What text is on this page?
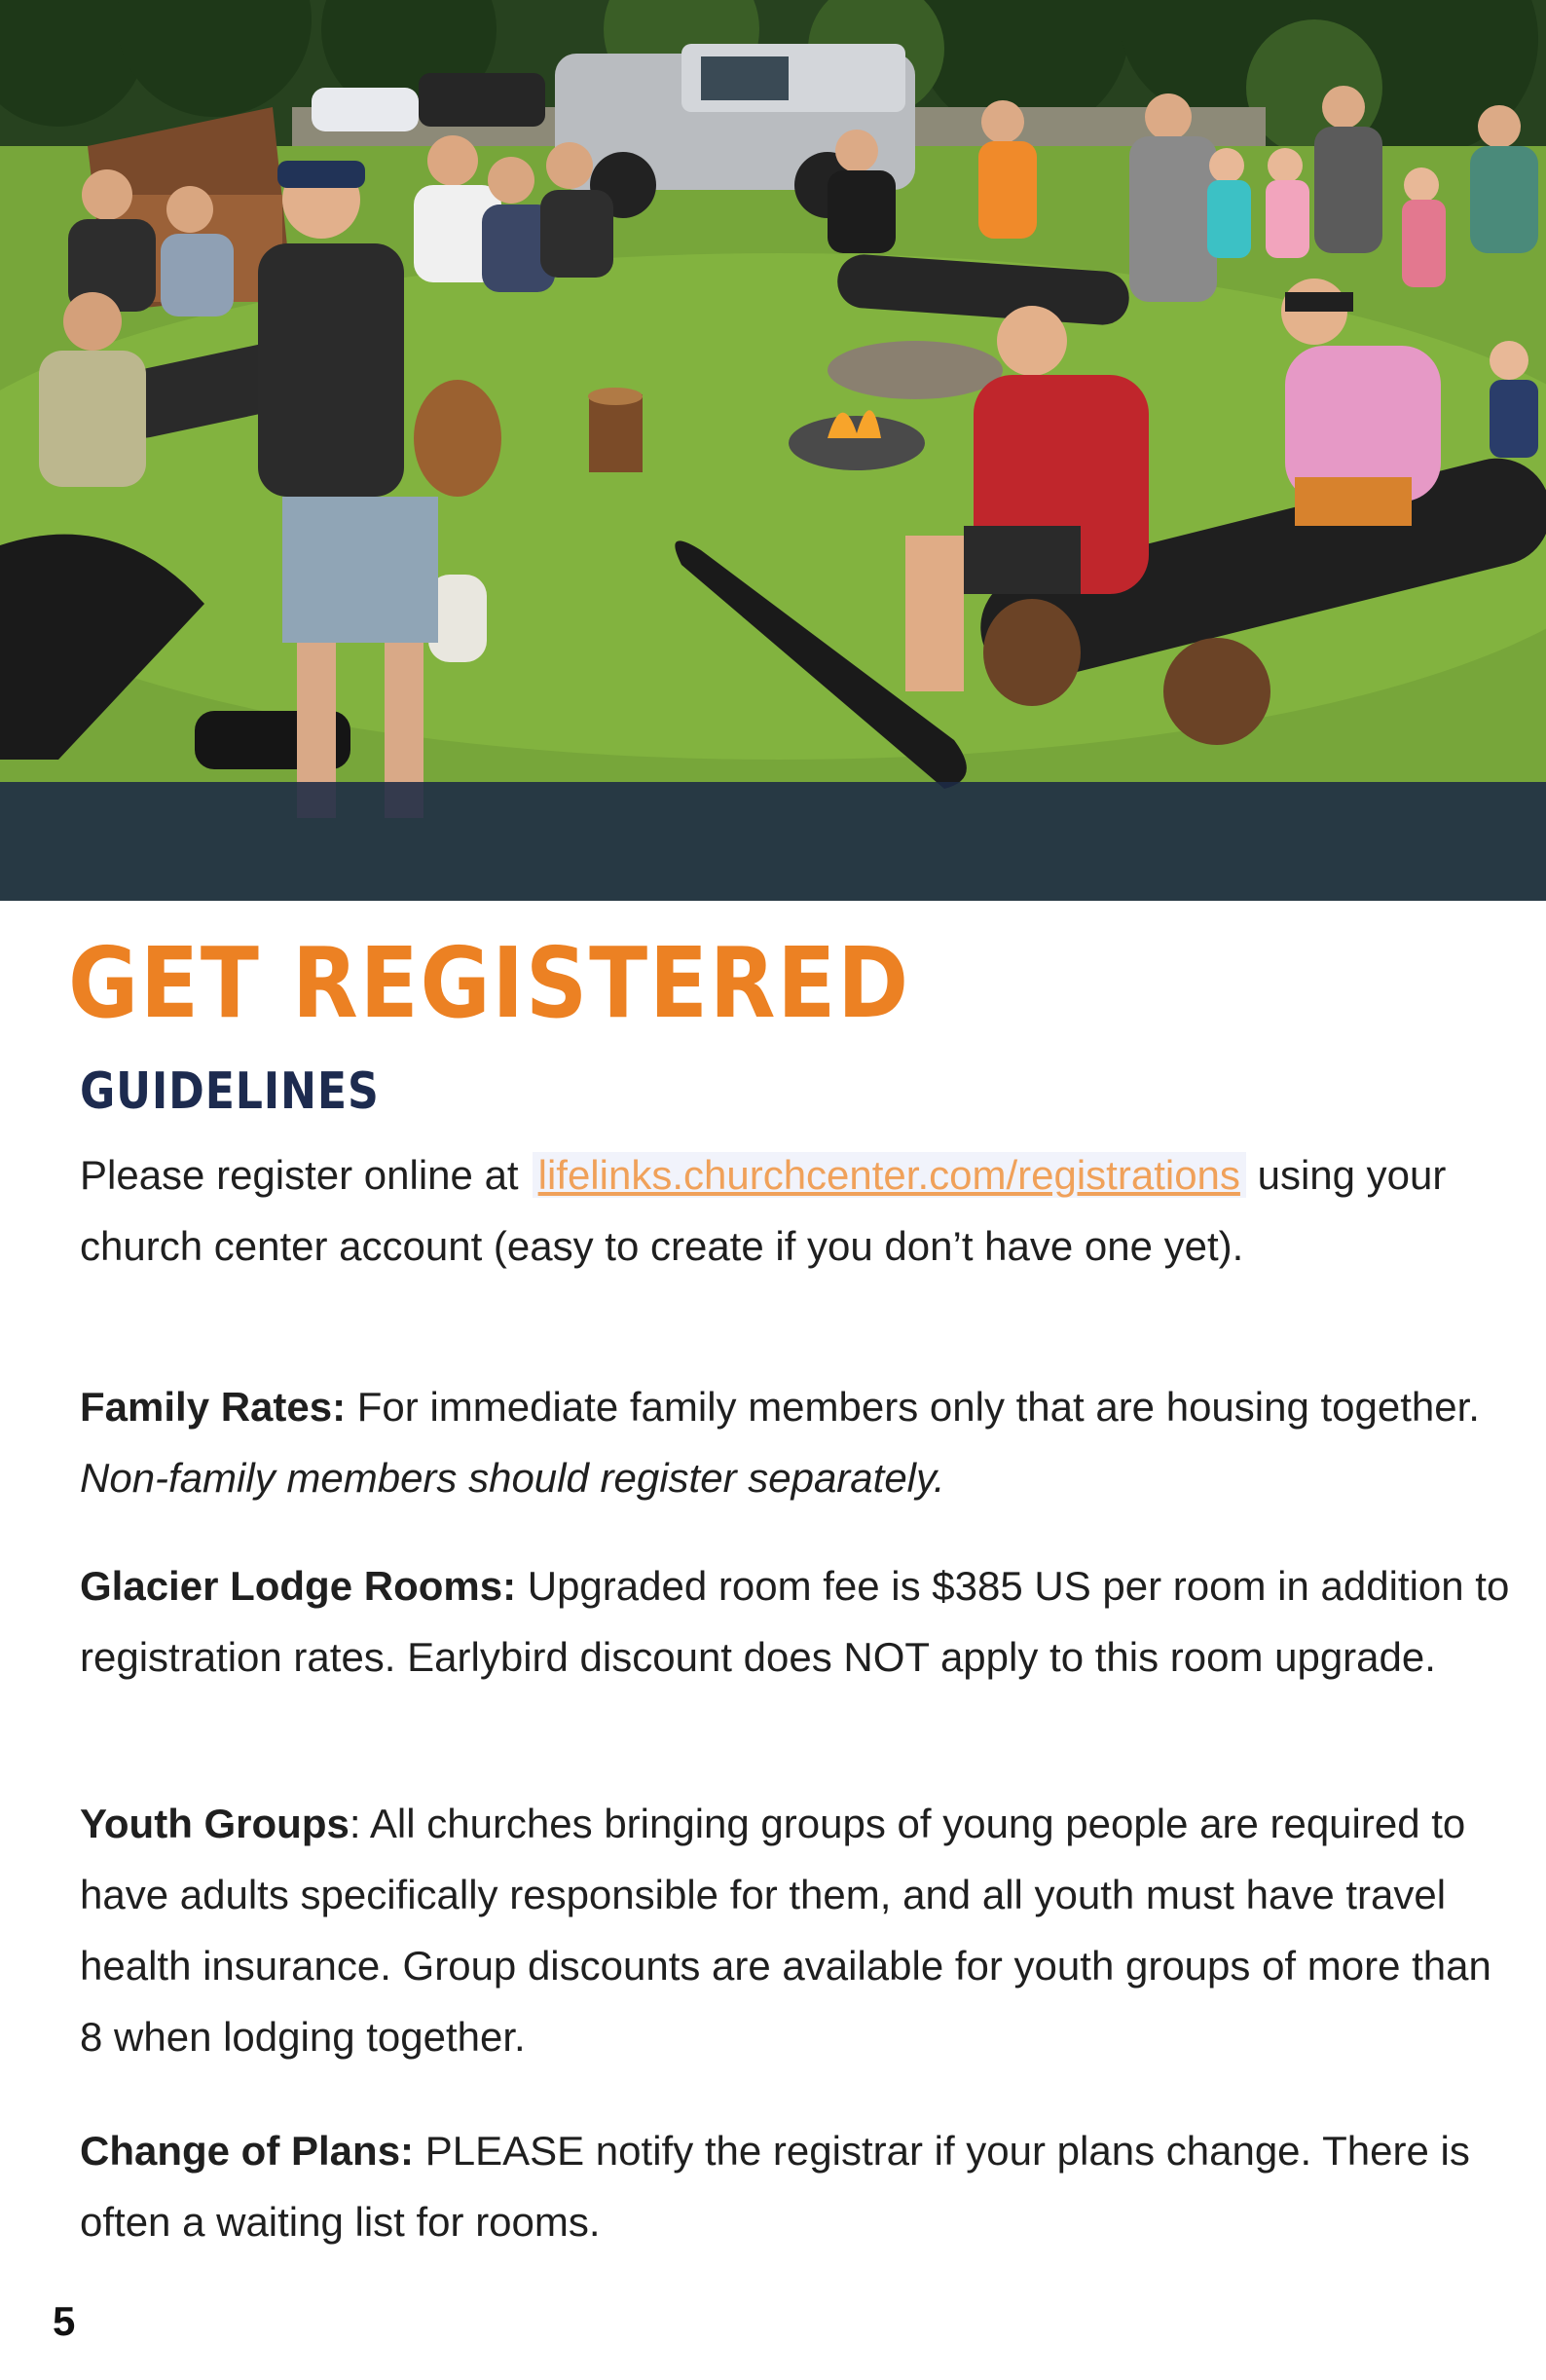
GET REGISTERED
GUIDELINES

Please register online at lifelinks.churchcenter.com/registrations using your church center account (easy to create if you don’t have one yet).

Family Rates: For immediate family members only that are housing together. Non-family members should register separately.

Glacier Lodge Rooms: Upgraded room fee is $385 US per room in addition to registration rates. Earlybird discount does NOT apply to this room upgrade.

Youth Groups: All churches bringing groups of young people are required to have adults specifically responsible for them, and all youth must have travel health insurance. Group discounts are available for youth groups of more than 8 when lodging together.

Change of Plans: PLEASE notify the registrar if your plans change. There is often a waiting list for rooms.

5
